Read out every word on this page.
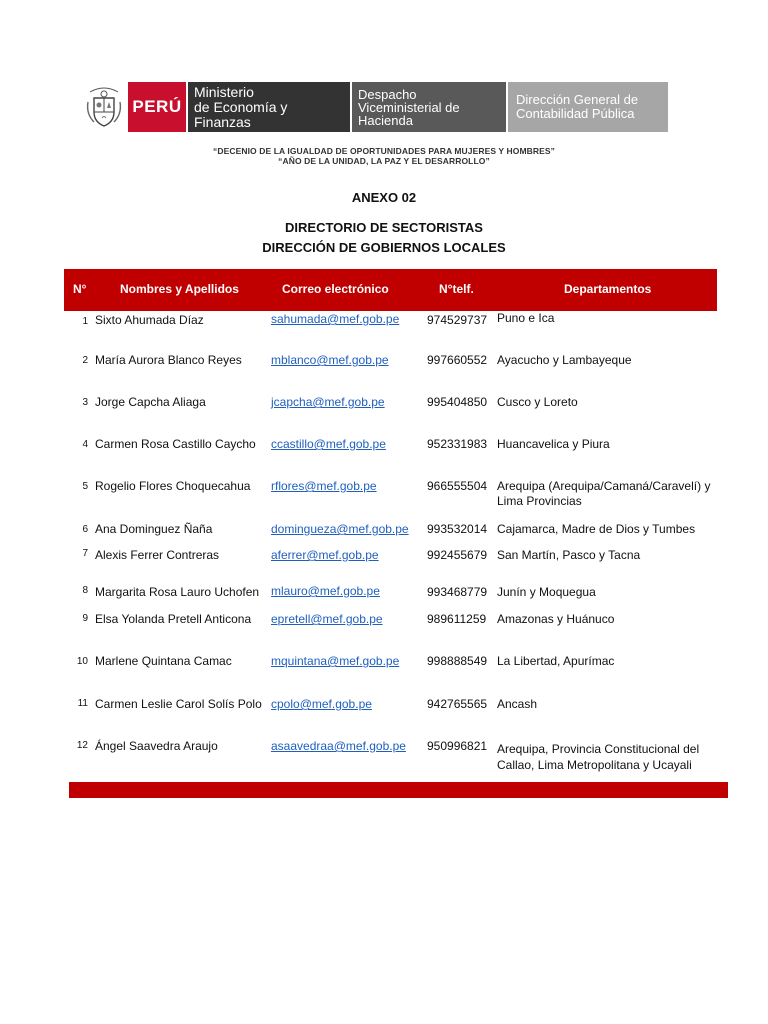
PERÚ
Ministerio
de Economía y Finanzas
Despacho
Viceministerial de
Hacienda
Dirección General de
Contabilidad Pública
“DECENIO DE LA IGUALDAD DE OPORTUNIDADES PARA MUJERES Y HOMBRES”
“AÑO DE LA UNIDAD, LA PAZ Y EL DESARROLLO”
ANEXO 02
DIRECTORIO DE SECTORISTAS
DIRECCIÓN DE GOBIERNOS LOCALES
N°	Nombres y Apellidos	Correo electrónico	N°telf.	Departamentos
1 Sixto Ahumada Díaz	sahumada@mef.gob.pe	974529737 Puno e Ica
2 María Aurora Blanco Reyes	mblanco@mef.gob.pe	997660552 Ayacucho y Lambayeque
3 Jorge Capcha Aliaga	jcapcha@mef.gob.pe	995404850 Cusco y Loreto
4 Carmen Rosa Castillo Caycho	ccastillo@mef.gob.pe	952331983 Huancavelica y Piura
5 Rogelio Flores Choquecahua	rflores@mef.gob.pe	966555504 Arequipa (Arequipa/Camaná/Caravelí) y Lima Provincias
6 Ana Dominguez Ñaña	domingueza@mef.gob.pe	993532014 Cajamarca, Madre de Dios y Tumbes
7 Alexis Ferrer Contreras	aferrer@mef.gob.pe	992455679 San Martín, Pasco y Tacna
8 Margarita Rosa Lauro Uchofen mlauro@mef.gob.pe	993468779 Junín y Moquegua
9 Elsa Yolanda Pretell Anticona	epretell@mef.gob.pe	989611259 Amazonas y Huánuco
10 Marlene Quintana Camac	mquintana@mef.gob.pe	998888549 La Libertad, Apurímac
11 Carmen Leslie Carol Solís Polo cpolo@mef.gob.pe	942765565 Ancash
12 Ángel Saavedra Araujo	asaavedraa@mef.gob.pe	950996821 Arequipa, Provincia Constitucional del Callao, Lima Metropolitana y Ucayali
